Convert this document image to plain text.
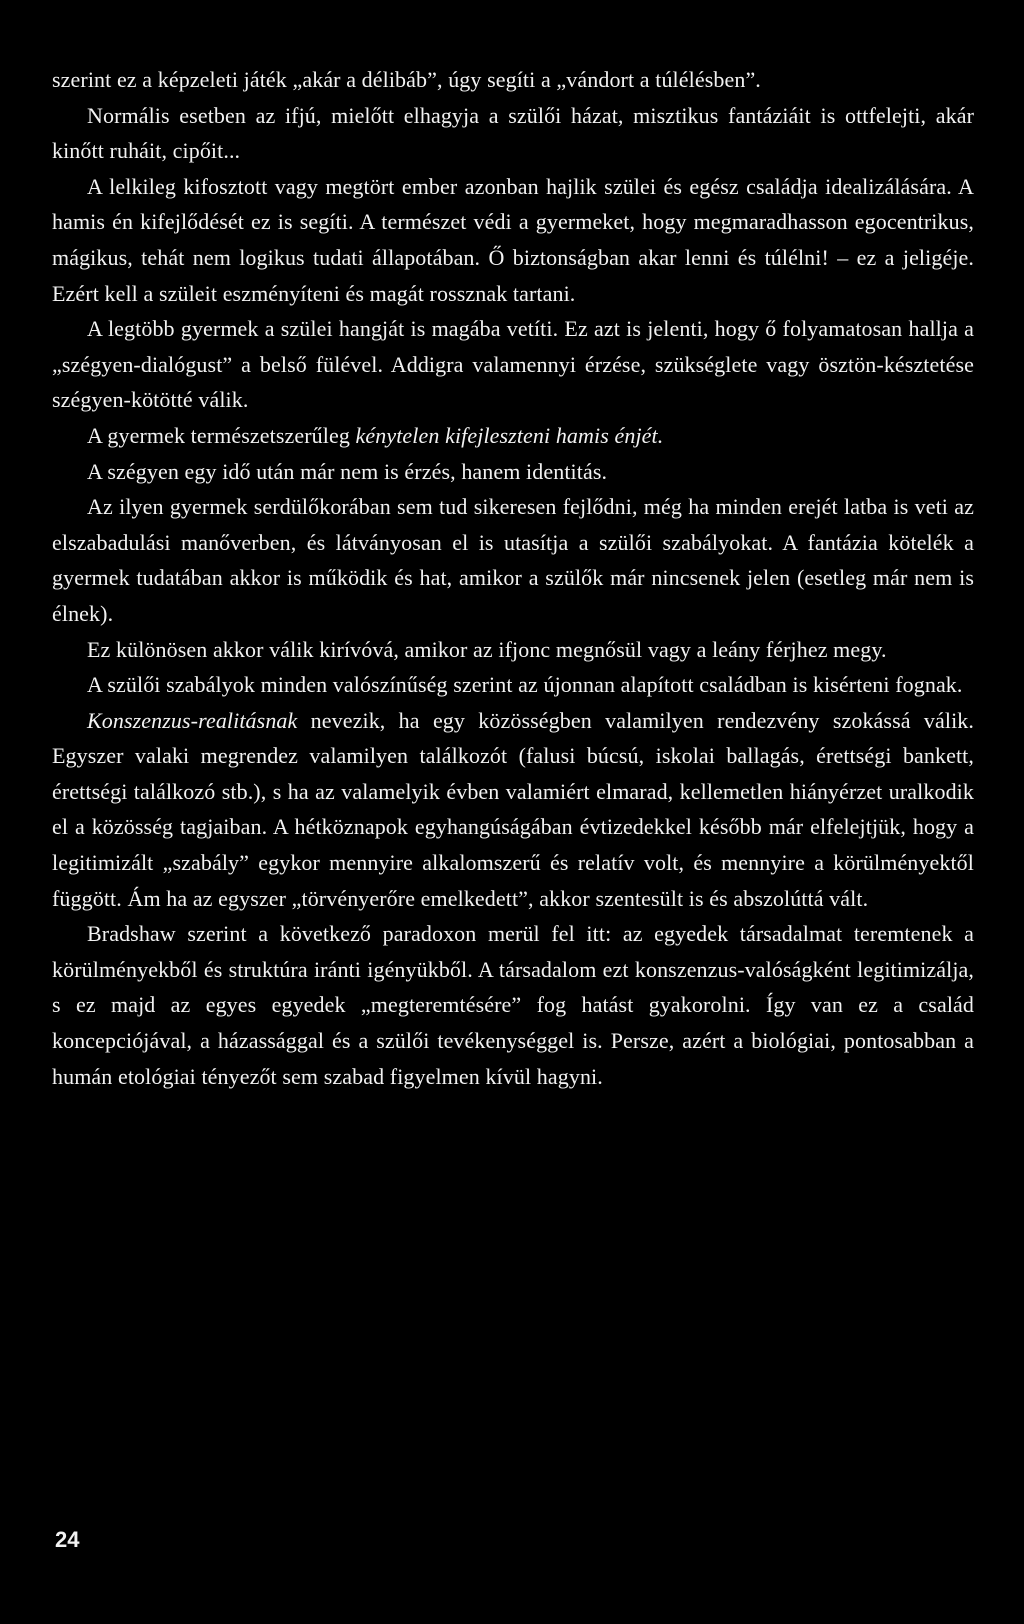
szerint ez a képzeleti játék „akár a délibáb”, úgy segíti a „vándort a túlélésben”.

Normális esetben az ifjú, mielőtt elhagyja a szülői házat, misztikus fantáziáit is ottfelejti, akár kinőtt ruháit, cipőit...

A lelkileg kifosztott vagy megtört ember azonban hajlik szülei és egész családja idealizálására. A hamis én kifejlődését ez is segíti. A természet védi a gyermeket, hogy megmaradhasson egocentrikus, mágikus, tehát nem logikus tudati állapotában. Ő biztonságban akar lenni és túlélni! – ez a jeligéje. Ezért kell a szüleit eszményíteni és magát rossznak tartani.

A legtöbb gyermek a szülei hangját is magába vetíti. Ez azt is jelenti, hogy ő folyamatosan hallja a „szégyen-dialógust” a belső fülével. Addigra valamennyi érzése, szükséglete vagy ösztön-késztetése szégyen-kötötté válik.

A gyermek természetszerűleg kénytelen kifejleszteni hamis énjét.

A szégyen egy idő után már nem is érzés, hanem identitás.

Az ilyen gyermek serdülőkorában sem tud sikeresen fejlődni, még ha minden erejét latba is veti az elszabadulási manőverben, és látványosan el is utasítja a szülői szabályokat. A fantázia kötelék a gyermek tudatában akkor is működik és hat, amikor a szülők már nincsenek jelen (esetleg már nem is élnek).

Ez különösen akkor válik kirívóvá, amikor az ifjonc megnősül vagy a leány férjhez megy.

A szülői szabályok minden valószínűség szerint az újonnan alapított családban is kisérteni fognak.

Konszenzus-realitásnak nevezik, ha egy közösségben valamilyen rendezvény szokássá válik. Egyszer valaki megrendez valamilyen találkozót (falusi búcsú, iskolai ballagás, érettségi bankett, érettségi találkozó stb.), s ha az valamelyik évben valamiért elmarad, kellemetlen hiányérzet uralkodik el a közösség tagjaiban. A hétköznapok egyhangúságában évtizedekkel később már elfelejtjük, hogy a legitimizált „szabály” egykor mennyire alkalomszerű és relatív volt, és mennyire a körülményektől függött. Ám ha az egyszer „törvényerőre emelkedett”, akkor szentesült is és abszolúttá vált.

Bradshaw szerint a következő paradoxon merül fel itt: az egyedek társadalmat teremtenek a körülményekből és struktúra iránti igényükből. A társadalom ezt konszenzus-valóságként legitimizálja, s ez majd az egyes egyedek „megteremtésére” fog hatást gyakorolni. Így van ez a család koncepciójával, a házassággal és a szülői tevékenységgel is. Persze, azért a biológiai, pontosabban a humán etológiai tényezőt sem szabad figyelmen kívül hagyni.

24
